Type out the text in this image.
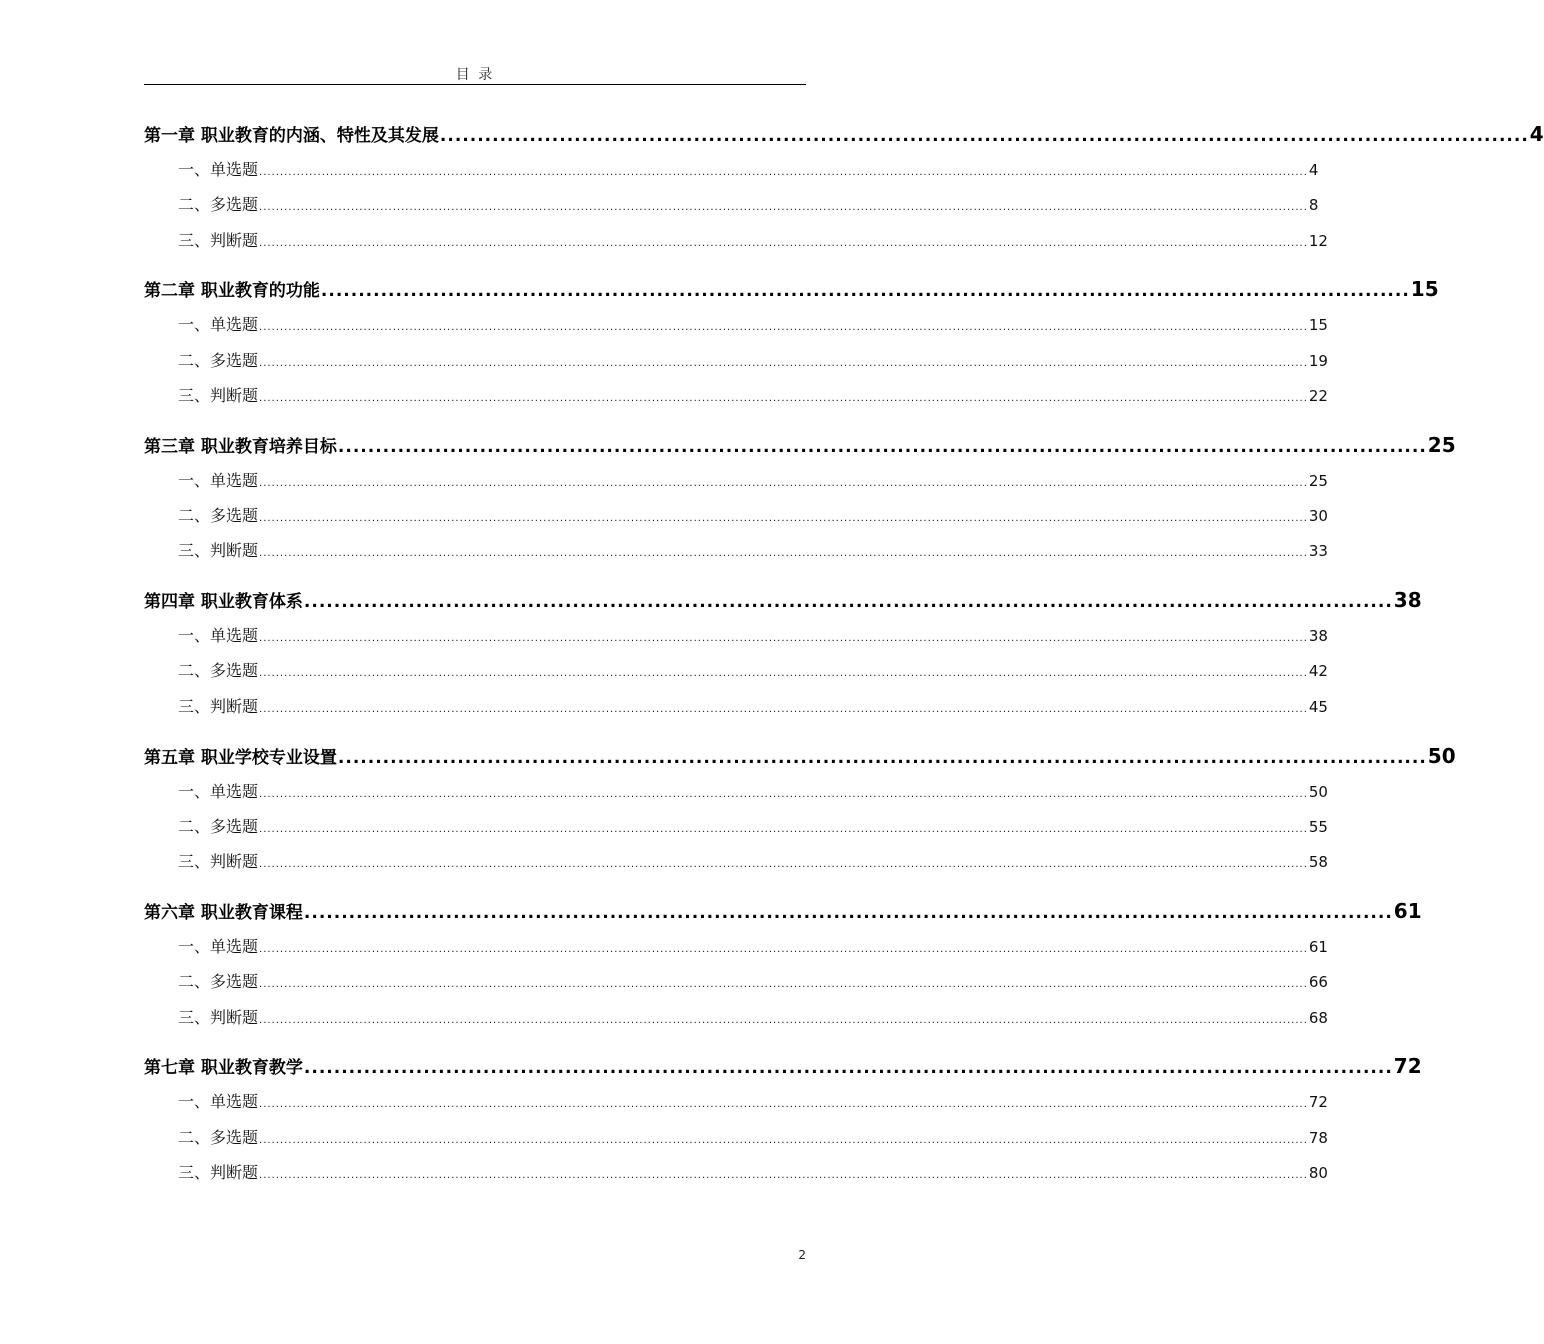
目 录
第一章 职业教育的内涵、特性及其发展 .................................................................................................................................................. 4
一、单选题 ........................................................................................................................................................................................................................................................... 4
二、多选题 ........................................................................................................................................................................................................................................................... 8
三、判断题 ........................................................................................................................................................................................................................................................... 12
第二章 职业教育的功能 .................................................................................................................................................. 15
一、单选题 ........................................................................................................................................................................................................................................................... 15
二、多选题 ........................................................................................................................................................................................................................................................... 19
三、判断题 ........................................................................................................................................................................................................................................................... 22
第三章 职业教育培养目标 .................................................................................................................................................. 25
一、单选题 ........................................................................................................................................................................................................................................................... 25
二、多选题 ........................................................................................................................................................................................................................................................... 30
三、判断题 ........................................................................................................................................................................................................................................................... 33
第四章 职业教育体系 .................................................................................................................................................. 38
一、单选题 ........................................................................................................................................................................................................................................................... 38
二、多选题 ........................................................................................................................................................................................................................................................... 42
三、判断题 ........................................................................................................................................................................................................................................................... 45
第五章 职业学校专业设置 .................................................................................................................................................. 50
一、单选题 ........................................................................................................................................................................................................................................................... 50
二、多选题 ........................................................................................................................................................................................................................................................... 55
三、判断题 ........................................................................................................................................................................................................................................................... 58
第六章 职业教育课程 .................................................................................................................................................. 61
一、单选题 ........................................................................................................................................................................................................................................................... 61
二、多选题 ........................................................................................................................................................................................................................................................... 66
三、判断题 ........................................................................................................................................................................................................................................................... 68
第七章 职业教育教学 .................................................................................................................................................. 72
一、单选题 ........................................................................................................................................................................................................................................................... 72
二、多选题 ........................................................................................................................................................................................................................................................... 78
三、判断题 ........................................................................................................................................................................................................................................................... 80
2
